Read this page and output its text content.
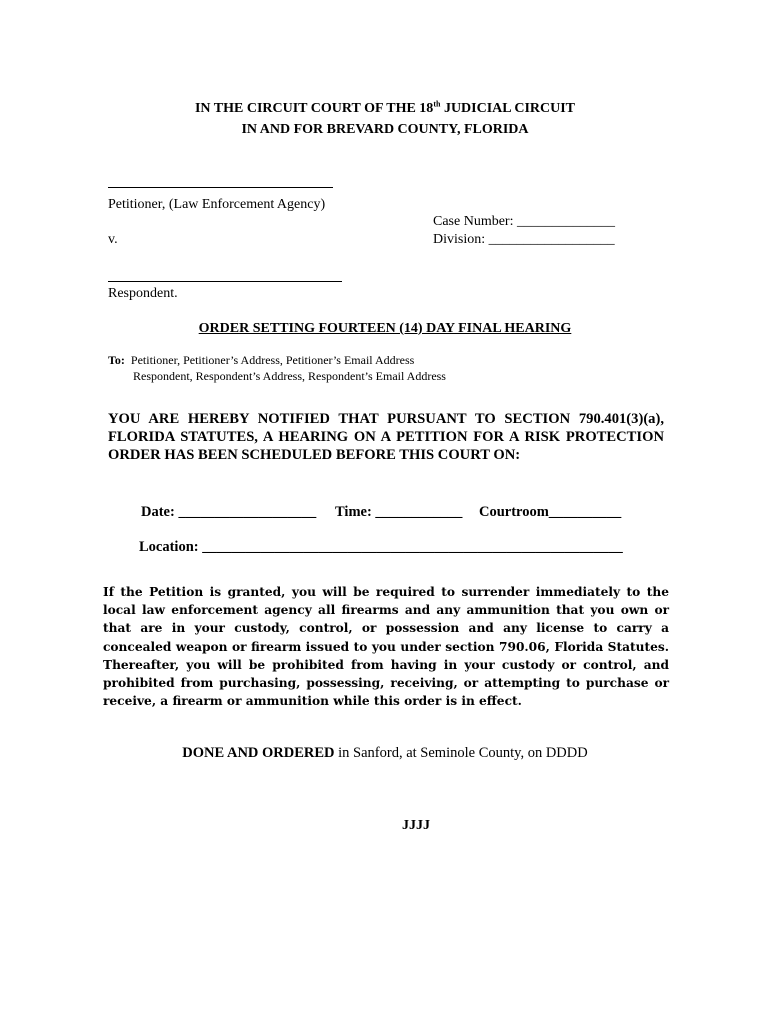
IN THE CIRCUIT COURT OF THE 18th JUDICIAL CIRCUIT
IN AND FOR BREVARD COUNTY, FLORIDA
Petitioner, (Law Enforcement Agency)
Case Number: ______________
v.	Division: __________________
Respondent.
ORDER SETTING FOURTEEN (14) DAY FINAL HEARING
To: Petitioner, Petitioner’s Address, Petitioner’s Email Address
Respondent, Respondent’s Address, Respondent’s Email Address
YOU ARE HEREBY NOTIFIED THAT PURSUANT TO SECTION 790.401(3)(a), FLORIDA STATUTES, A HEARING ON A PETITION FOR A RISK PROTECTION ORDER HAS BEEN SCHEDULED BEFORE THIS COURT ON:
Date: ___________________ Time: ____________ Courtroom__________
Location: __________________________________________________________
If the Petition is granted, you will be required to surrender immediately to the local law enforcement agency all firearms and any ammunition that you own or that are in your custody, control, or possession and any license to carry a concealed weapon or firearm issued to you under section 790.06, Florida Statutes. Thereafter, you will be prohibited from having in your custody or control, and prohibited from purchasing, possessing, receiving, or attempting to purchase or receive, a firearm or ammunition while this order is in effect.
DONE AND ORDERED in Sanford, at Seminole County, on DDDD
JJJJ
